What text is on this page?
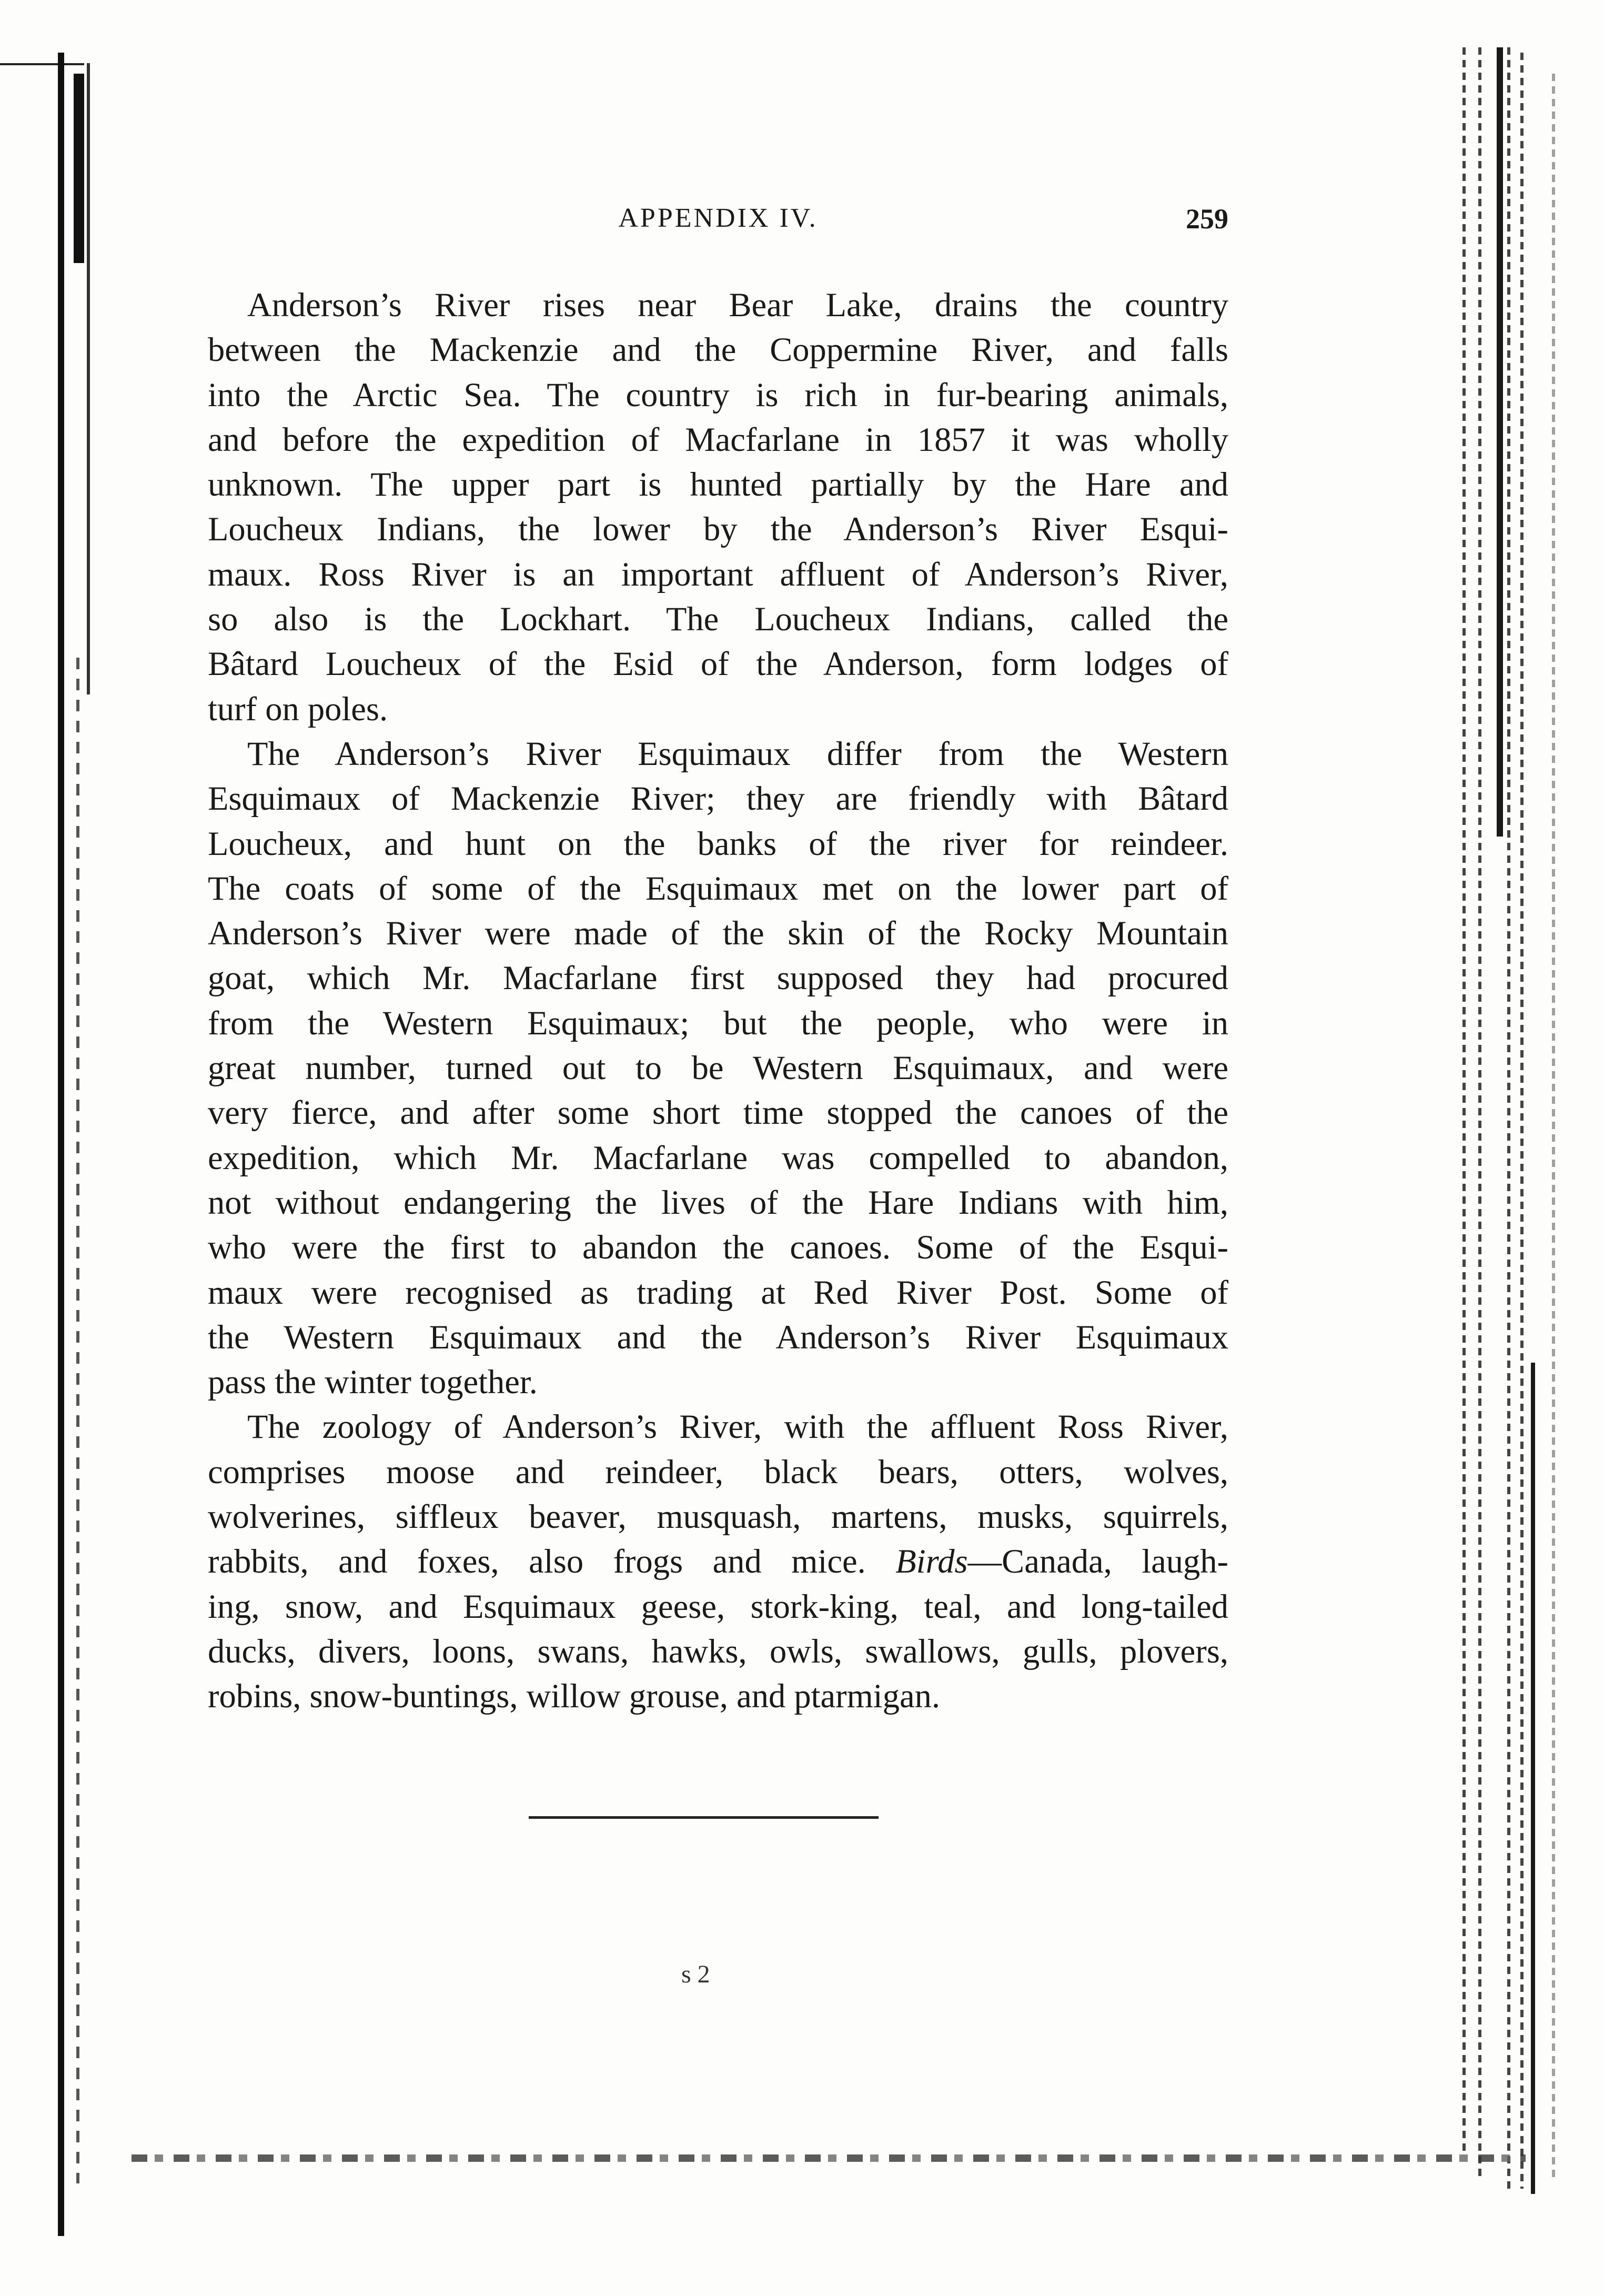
APPENDIX IV.	259

Anderson’s River rises near Bear Lake, drains the country
between the Mackenzie and the Coppermine River, and falls
into the Arctic Sea. The country is rich in fur-bearing animals,
and before the expedition of Macfarlane in 1857 it was wholly
unknown. The upper part is hunted partially by the Hare and
Loucheux Indians, the lower by the Anderson’s River Esqui-
maux. Ross River is an important affluent of Anderson’s River,
so also is the Lockhart. The Loucheux Indians, called the
Bâtard Loucheux of the Esid of the Anderson, form lodges of
turf on poles.

The Anderson’s River Esquimaux differ from the Western
Esquimaux of Mackenzie River; they are friendly with Bâtard
Loucheux, and hunt on the banks of the river for reindeer.
The coats of some of the Esquimaux met on the lower part of
Anderson’s River were made of the skin of the Rocky Mountain
goat, which Mr. Macfarlane first supposed they had procured
from the Western Esquimaux; but the people, who were in
great number, turned out to be Western Esquimaux, and were
very fierce, and after some short time stopped the canoes of the
expedition, which Mr. Macfarlane was compelled to abandon,
not without endangering the lives of the Hare Indians with him,
who were the first to abandon the canoes. Some of the Esqui-
maux were recognised as trading at Red River Post. Some of
the Western Esquimaux and the Anderson’s River Esquimaux
pass the winter together.

The zoology of Anderson’s River, with the affluent Ross River,
comprises moose and reindeer, black bears, otters, wolves,
wolverines, siffleux beaver, musquash, martens, musks, squirrels,
rabbits, and foxes, also frogs and mice. Birds—Canada, laugh-
ing, snow, and Esquimaux geese, stork-king, teal, and long-tailed
ducks, divers, loons, swans, hawks, owls, swallows, gulls, plovers,
robins, snow-buntings, willow grouse, and ptarmigan.

s 2
